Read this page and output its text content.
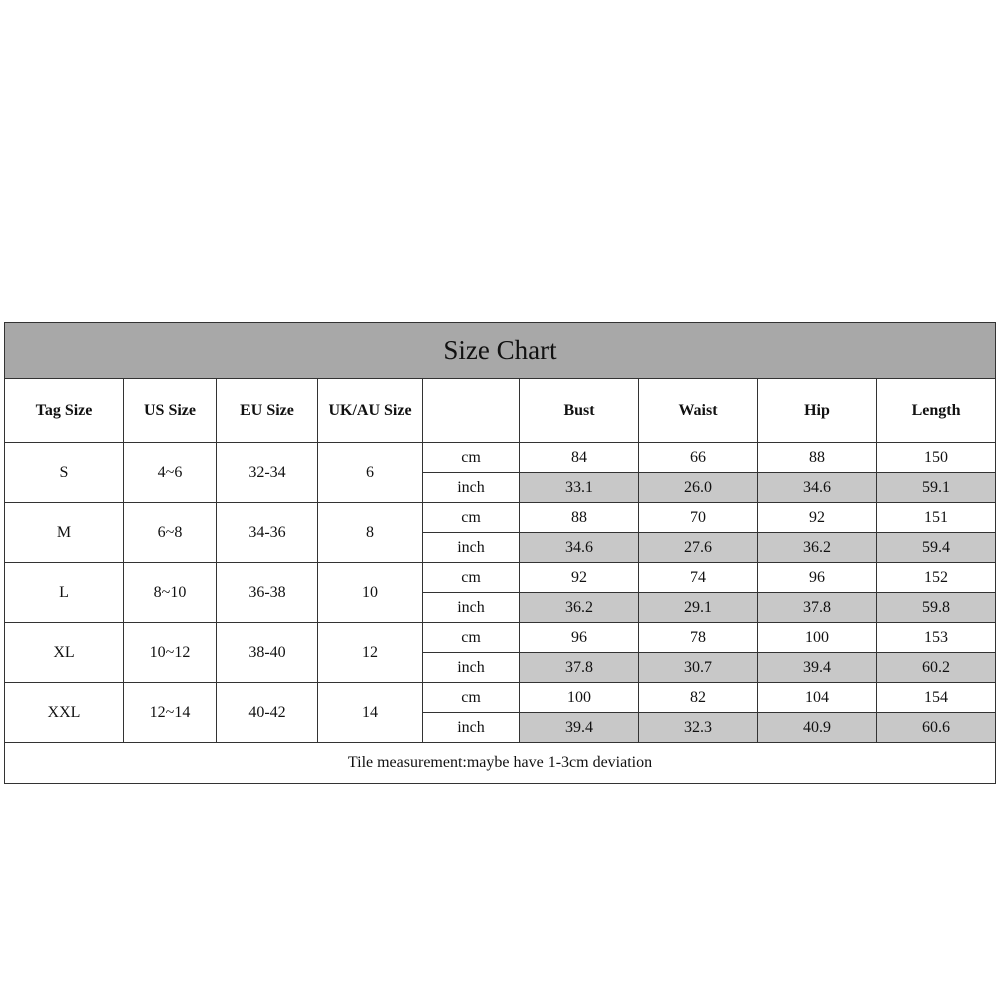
Size Chart								
Tag Size	US Size	EU Size	UK/AU Size		Bust	Waist	Hip	Length
S	4~6	32-34	6	cm	84	66	88	150
				inch	33.1	26.0	34.6	59.1
M	6~8	34-36	8	cm	88	70	92	151
				inch	34.6	27.6	36.2	59.4
L	8~10	36-38	10	cm	92	74	96	152
				inch	36.2	29.1	37.8	59.8
XL	10~12	38-40	12	cm	96	78	100	153
				inch	37.8	30.7	39.4	60.2
XXL	12~14	40-42	14	cm	100	82	104	154
				inch	39.4	32.3	40.9	60.6
Tile measurement:maybe have 1-3cm deviation								
